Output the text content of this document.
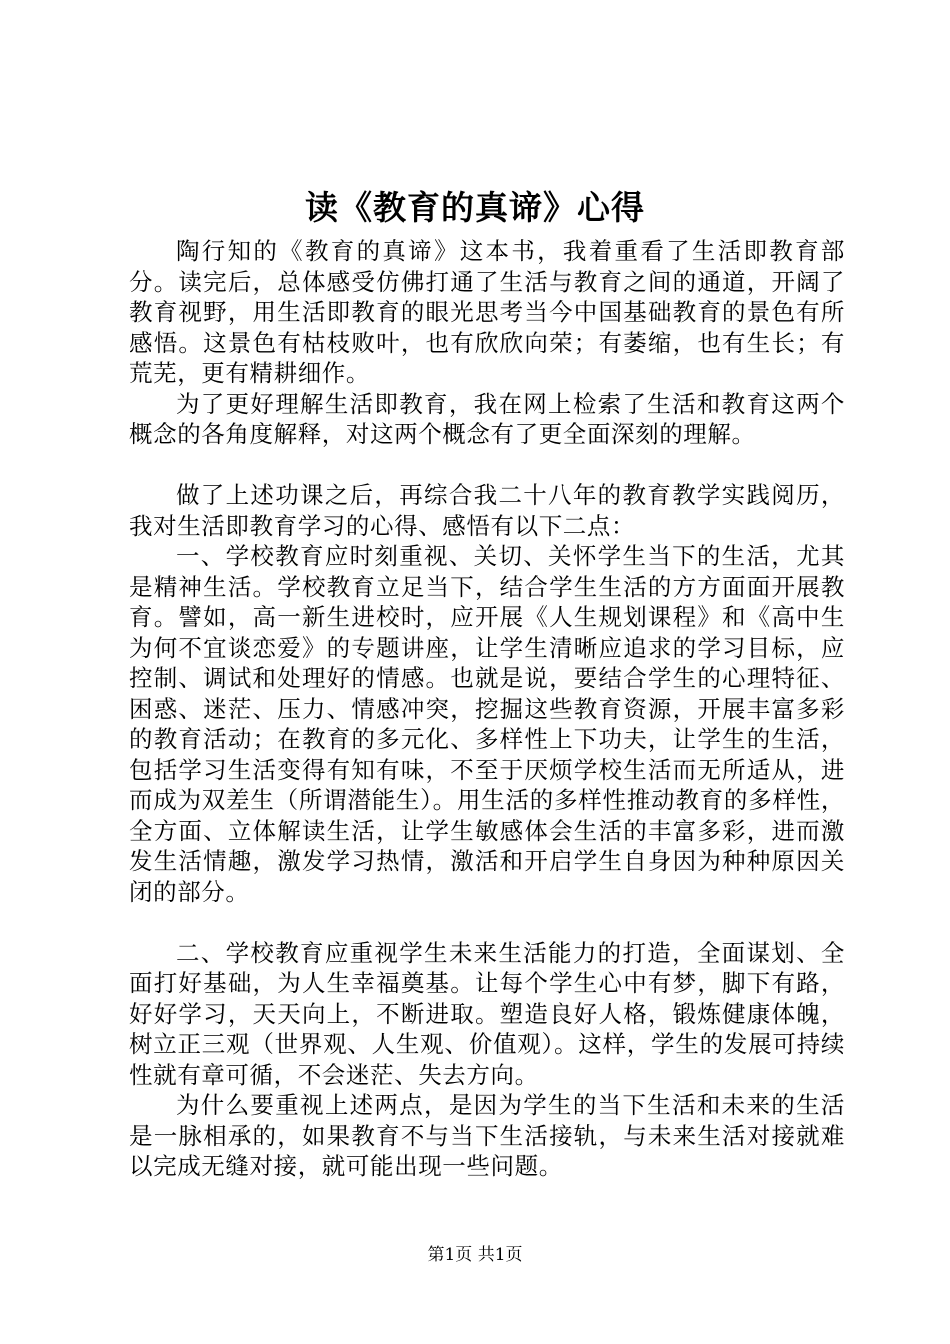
读《教育的真谛》心得

陶行知的《教育的真谛》这本书，我着重看了生活即教育部分。读完后，总体感受仿佛打通了生活与教育之间的通道，开阔了教育视野，用生活即教育的眼光思考当今中国基础教育的景色有所感悟。这景色有枯枝败叶，也有欣欣向荣；有萎缩，也有生长；有荒芜，更有精耕细作。

为了更好理解生活即教育，我在网上检索了生活和教育这两个概念的各角度解释，对这两个概念有了更全面深刻的理解。

做了上述功课之后，再综合我二十八年的教育教学实践阅历，我对生活即教育学习的心得、感悟有以下二点：

一、学校教育应时刻重视、关切、关怀学生当下的生活，尤其是精神生活。学校教育立足当下，结合学生生活的方方面面开展教育。譬如，高一新生进校时，应开展《人生规划课程》和《高中生为何不宜谈恋爱》的专题讲座，让学生清晰应追求的学习目标，应控制、调试和处理好的情感。也就是说，要结合学生的心理特征、困惑、迷茫、压力、情感冲突，挖掘这些教育资源，开展丰富多彩的教育活动；在教育的多元化、多样性上下功夫，让学生的生活，包括学习生活变得有知有味，不至于厌烦学校生活而无所适从，进而成为双差生（所谓潜能生）。用生活的多样性推动教育的多样性，全方面、立体解读生活，让学生敏感体会生活的丰富多彩，进而激发生活情趣，激发学习热情，激活和开启学生自身因为种种原因关闭的部分。

二、学校教育应重视学生未来生活能力的打造，全面谋划、全面打好基础，为人生幸福奠基。让每个学生心中有梦，脚下有路，好好学习，天天向上，不断进取。塑造良好人格，锻炼健康体魄，树立正三观（世界观、人生观、价值观）。这样，学生的发展可持续性就有章可循，不会迷茫、失去方向。

为什么要重视上述两点，是因为学生的当下生活和未来的生活是一脉相承的，如果教育不与当下生活接轨，与未来生活对接就难以完成无缝对接，就可能出现一些问题。

第1页 共1页
